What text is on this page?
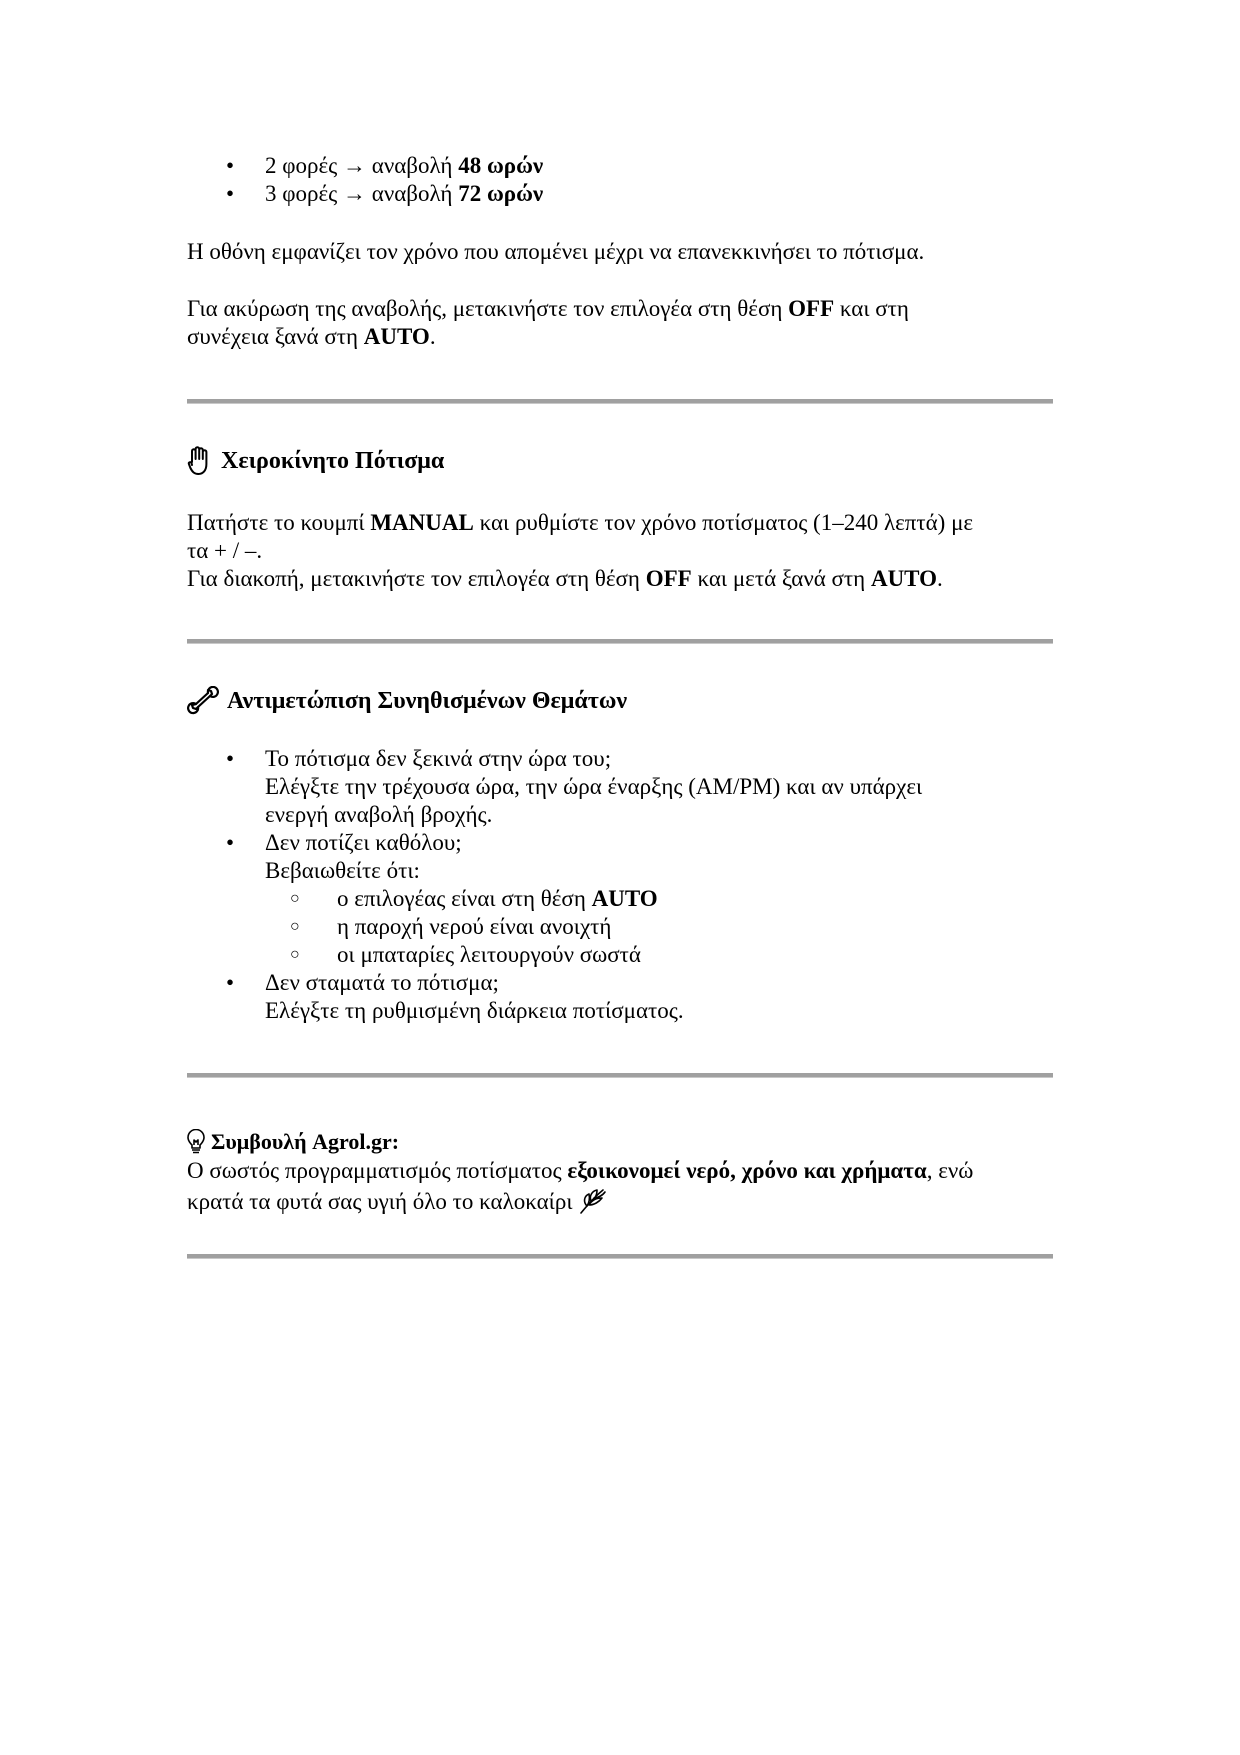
• 2 φορές → αναβολή 48 ωρών
• 3 φορές → αναβολή 72 ωρών
Η οθόνη εμφανίζει τον χρόνο που απομένει μέχρι να επανεκκινήσει το πότισμα.
Για ακύρωση της αναβολής, μετακινήστε τον επιλογέα στη θέση OFF και στη
συνέχεια ξανά στη AUTO.
Χειροκίνητο Πότισμα
Πατήστε το κουμπί MANUAL και ρυθμίστε τον χρόνο ποτίσματος (1–240 λεπτά) με
τα + / –.
Για διακοπή, μετακινήστε τον επιλογέα στη θέση OFF και μετά ξανά στη AUTO.
Αντιμετώπιση Συνηθισμένων Θεμάτων
• Το πότισμα δεν ξεκινά στην ώρα του;
Ελέγξτε την τρέχουσα ώρα, την ώρα έναρξης (AM/PM) και αν υπάρχει
ενεργή αναβολή βροχής.
• Δεν ποτίζει καθόλου;
Βεβαιωθείτε ότι:
○ ο επιλογέας είναι στη θέση AUTO
○ η παροχή νερού είναι ανοιχτή
○ οι μπαταρίες λειτουργούν σωστά
• Δεν σταματά το πότισμα;
Ελέγξτε τη ρυθμισμένη διάρκεια ποτίσματος.
Συμβουλή Agrol.gr:
Ο σωστός προγραμματισμός ποτίσματος εξοικονομεί νερό, χρόνο και χρήματα, ενώ
κρατά τα φυτά σας υγιή όλο το καλοκαίρι
